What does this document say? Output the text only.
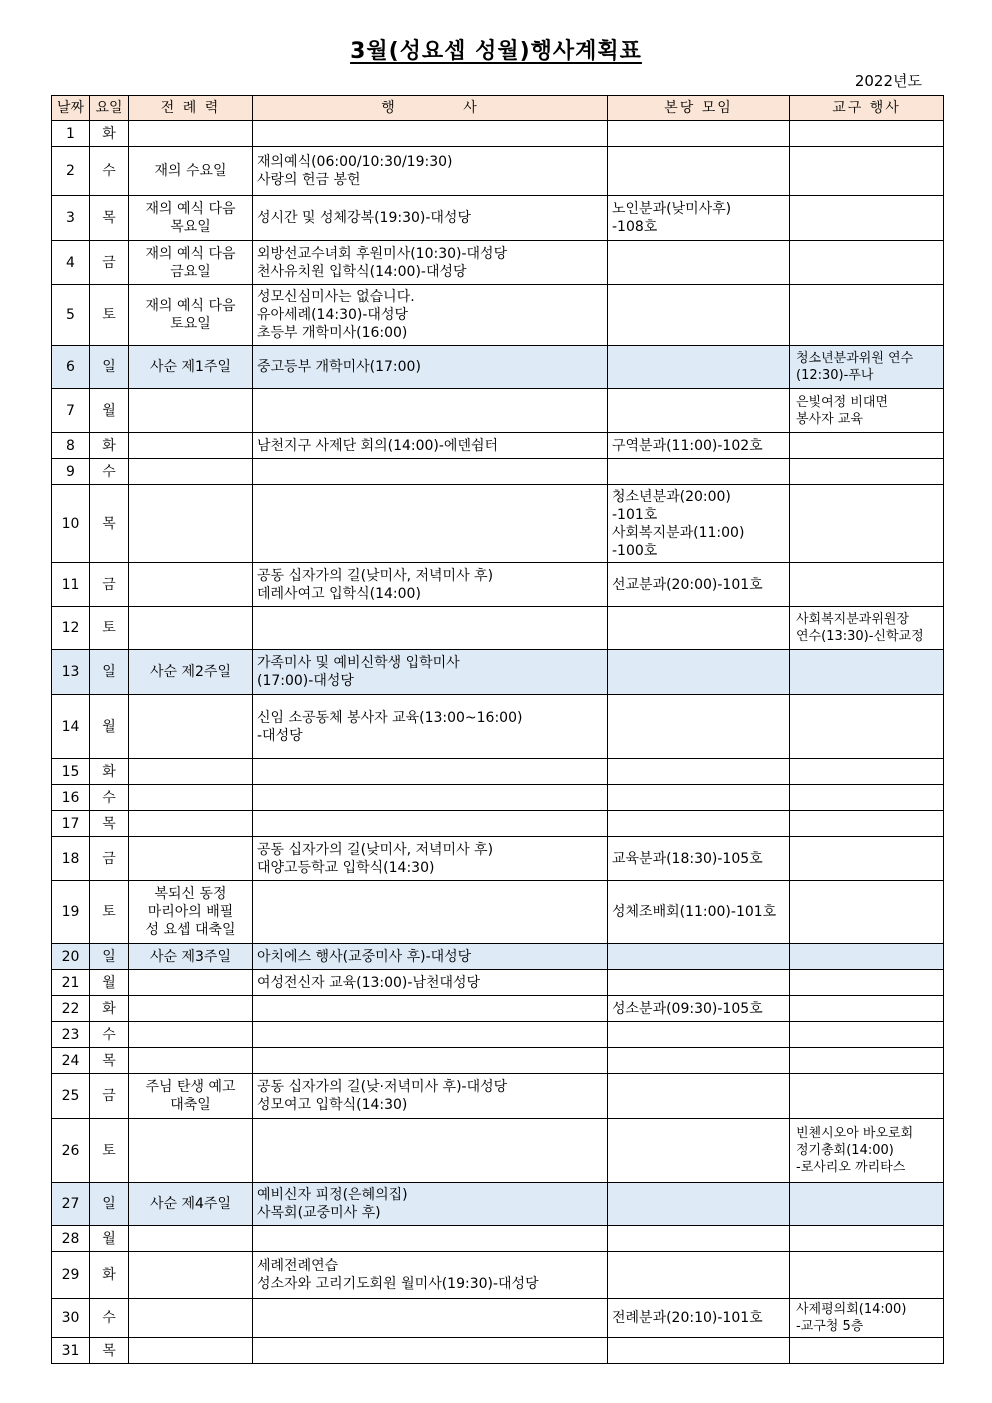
3월(성요셉 성월)행사계획표
2022년도
날짜	요일	전 례 력	행 사	본당 모임	교구 행사
1	화				
2	수	재의 수요일	재의예식(06:00/10:30/19:30)
사랑의 헌금 봉헌		

3	목	재의 예식 다음
목요일	성시간 및 성체강복(19:30)-대성당	노인분과(낮미사후)
-108호	

4	금	재의 예식 다음
금요일	외방선교수녀회 후원미사(10:30)-대성당
천사유치원 입학식(14:00)-대성당		

5	토	재의 예식 다음
토요일	성모신심미사는 없습니다.
유아세례(14:30)-대성당
초등부 개학미사(16:00)		

6	일	사순 제1주일	중고등부 개학미사(17:00)		청소년분과위원 연수
(12:30)-푸나

7	월				은빛여정 비대면
봉사자 교육

8	화		남천지구 사제단 회의(14:00)-에덴쉼터	구역분과(11:00)-102호	

9	수				
10	목			청소년분과(20:00)
-101호
사회복지분과(11:00)
-100호	

11	금		공동 십자가의 길(낮미사, 저녁미사 후)
데레사여고 입학식(14:00)	선교분과(20:00)-101호	

12	토				사회복지분과위원장
연수(13:30)-신학교정

13	일	사순 제2주일	가족미사 및 예비신학생 입학미사
(17:00)-대성당		

14	월		신임 소공동체 봉사자 교육(13:00~16:00)
-대성당		

15	화				
16	수				
17	목				
18	금		공동 십자가의 길(낮미사, 저녁미사 후)
대양고등학교 입학식(14:30)	교육분과(18:30)-105호	

19	토	복되신 동정
마리아의 배필
성 요셉 대축일		성체조배회(11:00)-101호	

20	일	사순 제3주일	아치에스 행사(교중미사 후)-대성당		

21	월		여성전신자 교육(13:00)-남천대성당		

22	화			성소분과(09:30)-105호	

23	수				
24	목				
25	금	주님 탄생 예고
대축일	공동 십자가의 길(낮·저녁미사 후)-대성당
성모여고 입학식(14:30)		

26	토				빈첸시오아 바오로회
정기총회(14:00)
-로사리오 까리타스

27	일	사순 제4주일	예비신자 피정(은혜의집)
사목회(교중미사 후)		

28	월				
29	화		세례전례연습
성소자와 고리기도회원 월미사(19:30)-대성당		

30	수			전례분과(20:10)-101호	사제평의회(14:00)
-교구청 5층

31	목				
